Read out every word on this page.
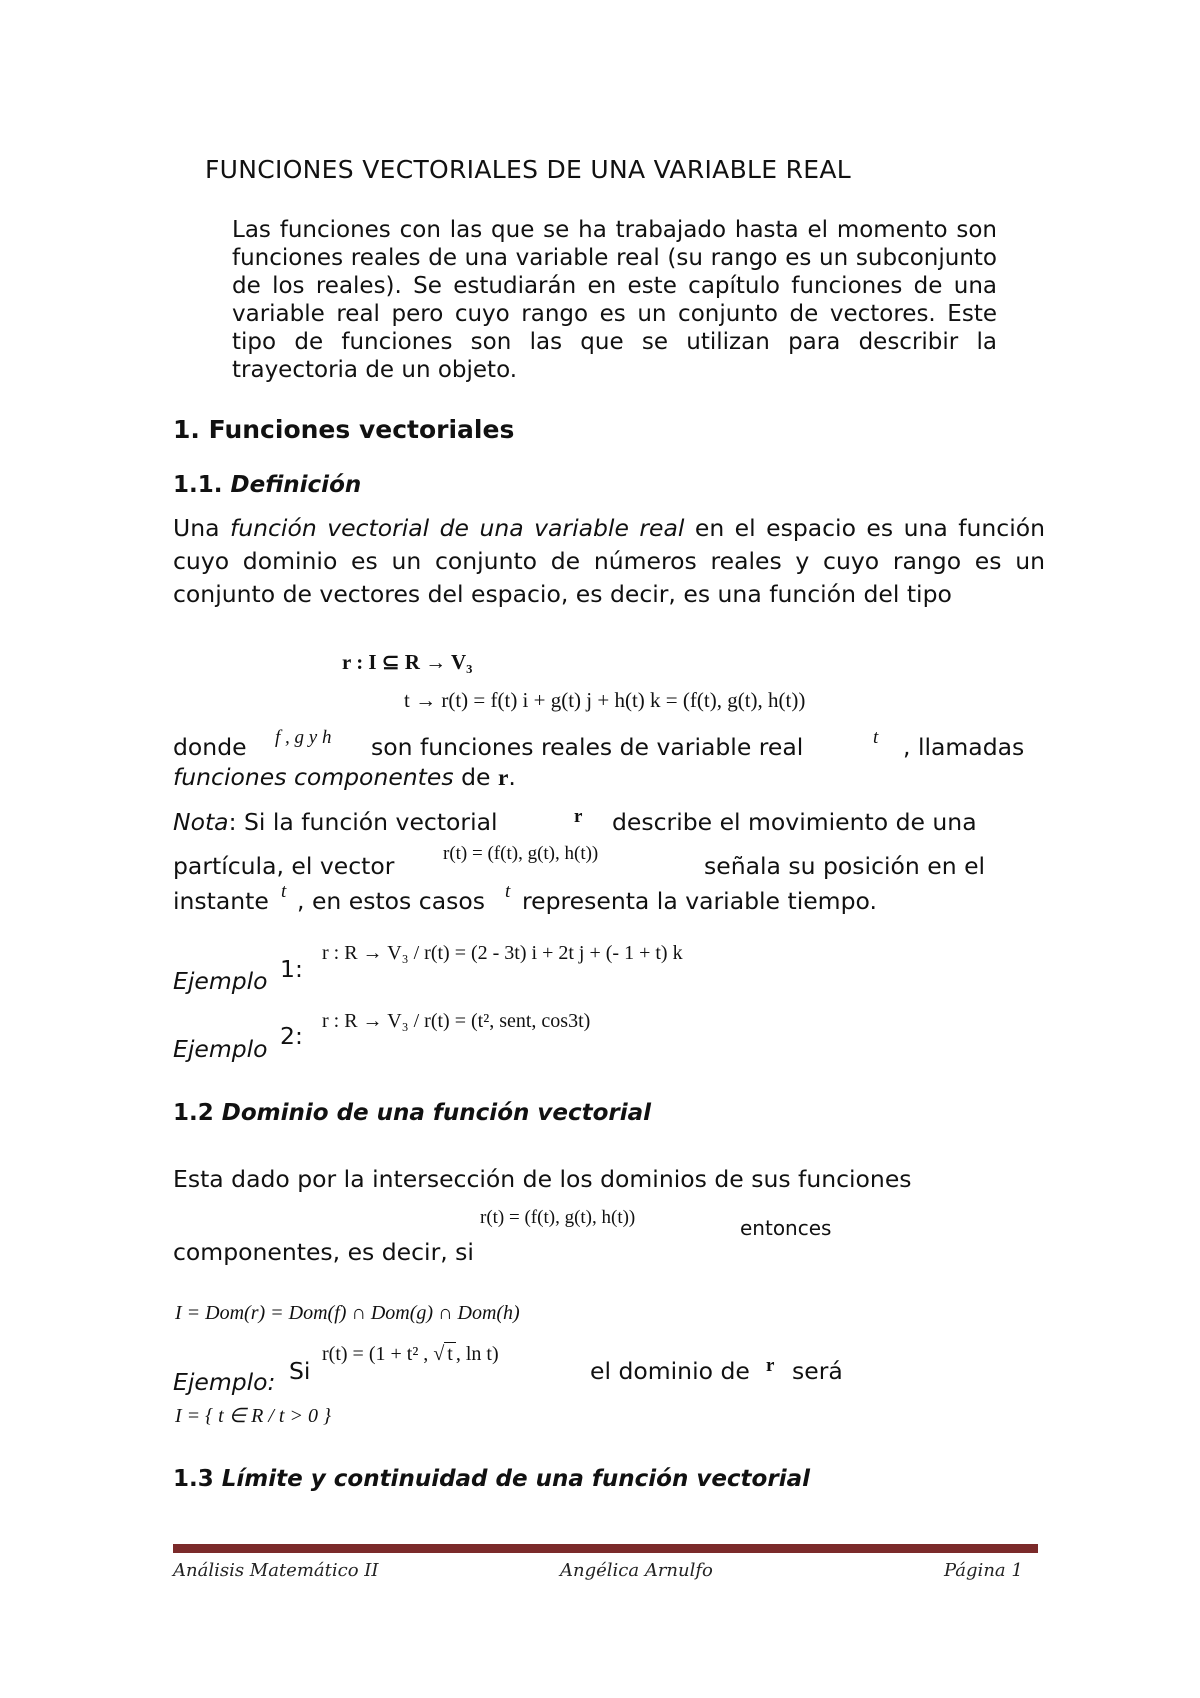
FUNCIONES VECTORIALES DE UNA VARIABLE REAL
Las funciones con las que se ha trabajado hasta el momento son funciones reales de una variable real (su rango es un subconjunto de los reales). Se estudiarán en este capítulo funciones de una variable real pero cuyo rango es un conjunto de vectores. Este tipo de funciones son las que se utilizan para describir la trayectoria de un objeto.
1. Funciones vectoriales
1.1. Definición
Una función vectorial de una variable real en el espacio es una función cuyo dominio es un conjunto de números reales y cuyo rango es un conjunto de vectores del espacio, es decir, es una función del tipo
r : I ⊆ R → V₃
t → r(t) = f(t) i + g(t) j + h(t) k = (f(t), g(t), h(t))
donde f , g y h son funciones reales de variable real	t , llamadas
funciones componentes de r.
Nota: Si la función vectorial	r describe el movimiento de una
partícula, el vector	r(t) = (f(t), g(t), h(t))	señala su posición en el
instante t , en estos casos t representa la variable tiempo.
Ejemplo 1:
r : R → V₃ / r(t) = (2 - 3t) i + 2t j + (- 1 + t) k
Ejemplo 2:
r : R → V₃ / r(t) = (t², sent, cos3t)
1.2 Dominio de una función vectorial
Esta dado por la intersección de los dominios de sus funciones
r(t) = (f(t), g(t), h(t))	entonces
componentes, es decir, si
I = Dom(r) = Dom(f) ∩ Dom(g) ∩ Dom(h)
Ejemplo: Si
r(t) = (1 + t² , √ t , ln t)
el dominio de r será
I = { t ∈ R / t > 0 }
1.3 Límite y continuidad de una función vectorial
Análisis Matemático II	Angélica Arnulfo	Página 1
